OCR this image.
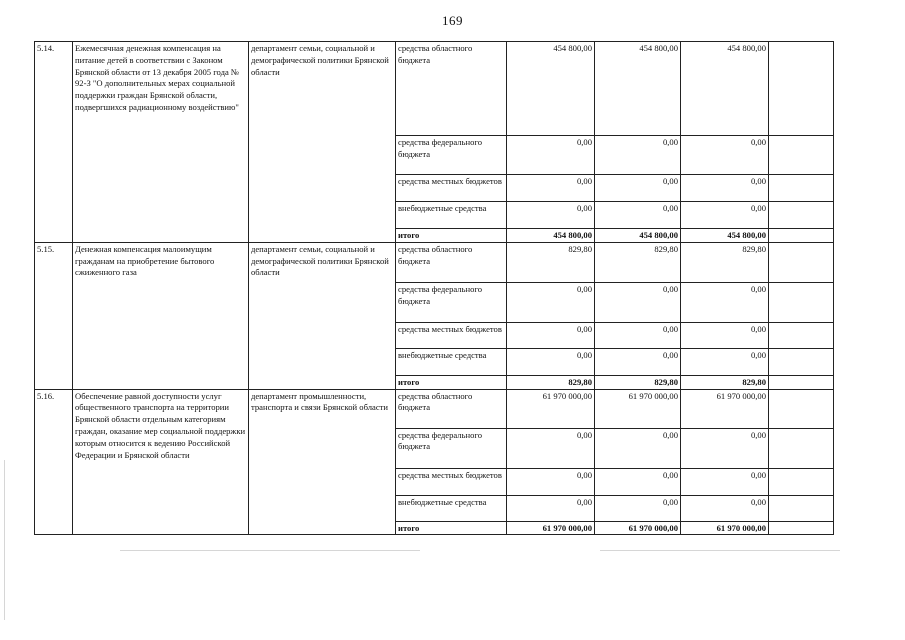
169
5.14.	Ежемесячная денежная компенсация на питание детей в соответствии с Законом Брянской области от 13 декабря 2005 года № 92-З "О дополнительных мерах социальной поддержки граждан Брянской области, подвергшихся радиационному воздействию"	департамент семьи, социальной и демографической политики Брянской области	средства областного бюджета	454 800,00	454 800,00	454 800,00	
			средства федерального бюджета	0,00	0,00	0,00	
			средства местных бюджетов	0,00	0,00	0,00	
			внебюджетные средства	0,00	0,00	0,00	
			итого	454 800,00	454 800,00	454 800,00	
5.15.	Денежная компенсация малоимущим гражданам на приобретение бытового сжиженного газа	департамент семьи, социальной и демографической политики Брянской области	средства областного бюджета	829,80	829,80	829,80	
			средства федерального бюджета	0,00	0,00	0,00	
			средства местных бюджетов	0,00	0,00	0,00	
			внебюджетные средства	0,00	0,00	0,00	
			итого	829,80	829,80	829,80	
5.16.	Обеспечение равной доступности услуг общественного транспорта на территории Брянской области отдельным категориям граждан, оказание мер социальной поддержки которым относится к ведению Российской Федерации и Брянской области	департамент промышленности, транспорта и связи Брянской области	средства областного бюджета	61 970 000,00	61 970 000,00	61 970 000,00	
			средства федерального бюджета	0,00	0,00	0,00	
			средства местных бюджетов	0,00	0,00	0,00	
			внебюджетные средства	0,00	0,00	0,00	
			итого	61 970 000,00	61 970 000,00	61 970 000,00	
